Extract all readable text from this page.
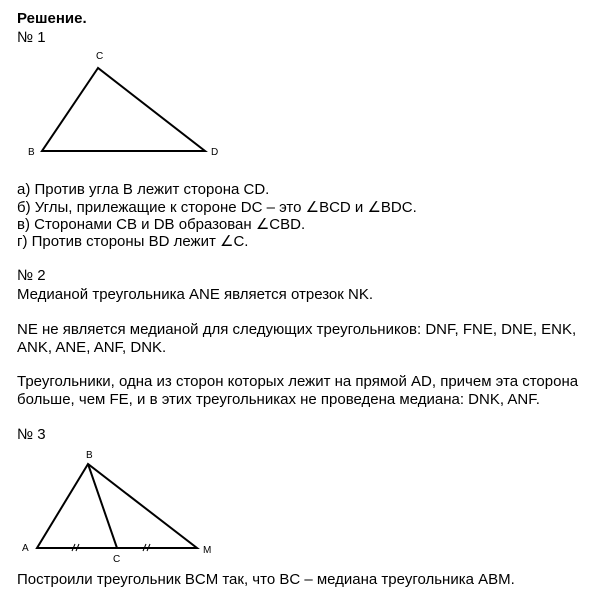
Решение.
№ 1
C
B	D
а) Против угла B лежит сторона CD.
б) Углы, прилежащие к стороне DC – это ∠BCD и ∠BDC.
в) Сторонами CB и DB образован ∠CBD.
г) Против стороны BD лежит ∠C.
№ 2
Медианой треугольника ANE является отрезок NK.
NE не является медианой для следующих треугольников: DNF, FNE, DNE, ENK,
ANK, ANE, ANF, DNK.
Треугольники, одна из сторон которых лежит на прямой AD, причем эта сторона
больше, чем FE, и в этих треугольниках не проведена медиана: DNK, ANF.
№ 3
B
A
C
M
Построили треугольник BCM так, что BC – медиана треугольника ABM.
